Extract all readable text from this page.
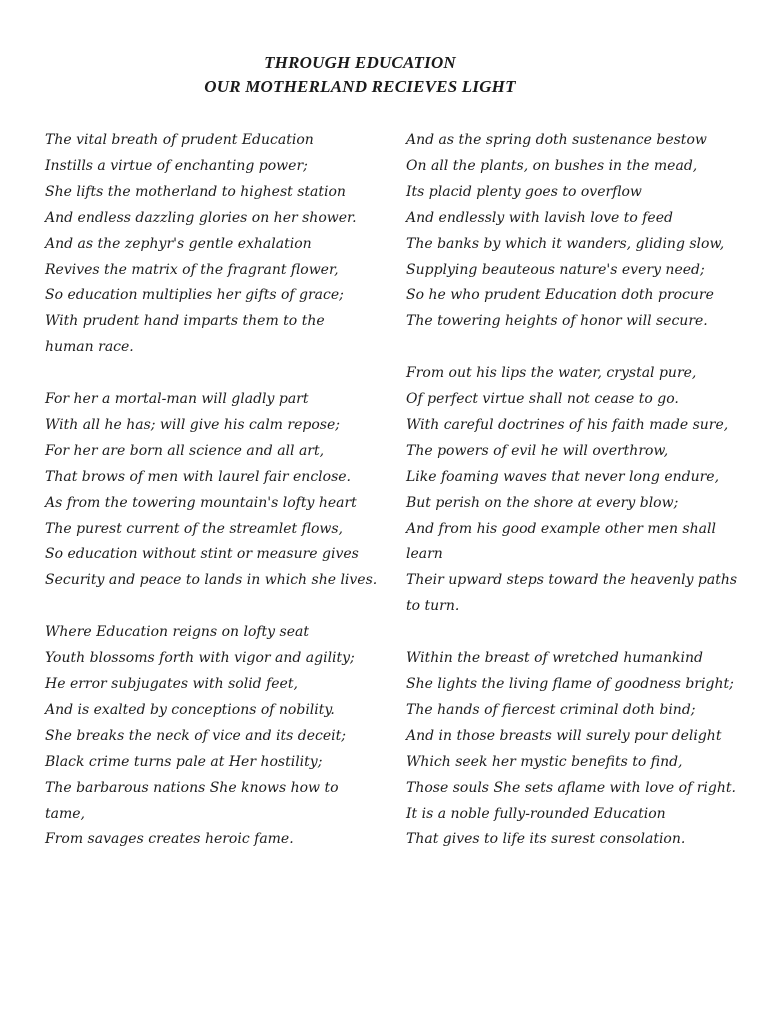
THROUGH EDUCATION
OUR MOTHERLAND RECIEVES LIGHT
The vital breath of prudent Education
Instills a virtue of enchanting power;
She lifts the motherland to highest station
And endless dazzling glories on her shower.
And as the zephyr's gentle exhalation
Revives the matrix of the fragrant flower,
So education multiplies her gifts of grace;
With prudent hand imparts them to the
human race.
For her a mortal-man will gladly part
With all he has; will give his calm repose;
For her are born all science and all art,
That brows of men with laurel fair enclose.
As from the towering mountain's lofty heart
The purest current of the streamlet flows,
So education without stint or measure gives
Security and peace to lands in which she lives.
Where Education reigns on lofty seat
Youth blossoms forth with vigor and agility;
He error subjugates with solid feet,
And is exalted by conceptions of nobility.
She breaks the neck of vice and its deceit;
Black crime turns pale at Her hostility;
The barbarous nations She knows how to
tame,
From savages creates heroic fame.
And as the spring doth sustenance bestow
On all the plants, on bushes in the mead,
Its placid plenty goes to overflow
And endlessly with lavish love to feed
The banks by which it wanders, gliding slow,
Supplying beauteous nature's every need;
So he who prudent Education doth procure
The towering heights of honor will secure.
From out his lips the water, crystal pure,
Of perfect virtue shall not cease to go.
With careful doctrines of his faith made sure,
The powers of evil he will overthrow,
Like foaming waves that never long endure,
But perish on the shore at every blow;
And from his good example other men shall
learn
Their upward steps toward the heavenly paths
to turn.
Within the breast of wretched humankind
She lights the living flame of goodness bright;
The hands of fiercest criminal doth bind;
And in those breasts will surely pour delight
Which seek her mystic benefits to find,
Those souls She sets aflame with love of right.
It is a noble fully-rounded Education
That gives to life its surest consolation.
